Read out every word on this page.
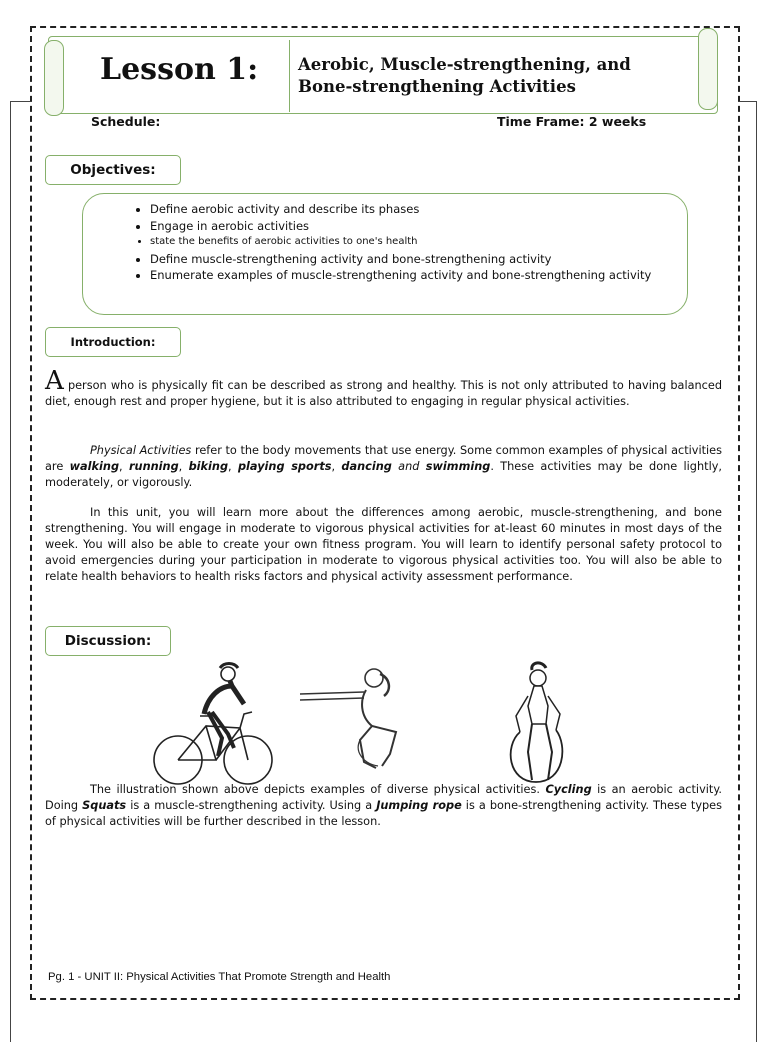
Lesson 1: Aerobic, Muscle-strengthening, and Bone-strengthening Activities
Schedule:	Time Frame: 2 weeks
Objectives:
• Define aerobic activity and describe its phases
• Engage in aerobic activities
• state the benefits of aerobic activities to one's health
• Define muscle-strengthening activity and bone-strengthening activity
• Enumerate examples of muscle-strengthening activity and bone-strengthening activity
Introduction:

A person who is physically fit can be described as strong and healthy. This is not only attributed to having balanced diet, enough rest and proper hygiene, but it is also attributed to engaging in regular physical activities.

Physical Activities refer to the body movements that use energy. Some common examples of physical activities are walking, running, biking, playing sports, dancing and swimming. These activities may be done lightly, moderately, or vigorously.

In this unit, you will learn more about the differences among aerobic, muscle-strengthening, and bone strengthening. You will engage in moderate to vigorous physical activities for at-least 60 minutes in most days of the week. You will also be able to create your own fitness program. You will learn to identify personal safety protocol to avoid emergencies during your participation in moderate to vigorous physical activities too. You will also be able to relate health behaviors to health risks factors and physical activity assessment performance.

Discussion:

The illustration shown above depicts examples of diverse physical activities. Cycling is an aerobic activity. Doing Squats is a muscle-strengthening activity. Using a Jumping rope is a bone-strengthening activity. These types of physical activities will be further described in the lesson.

Pg. 1 - UNIT II: Physical Activities That Promote Strength and Health
